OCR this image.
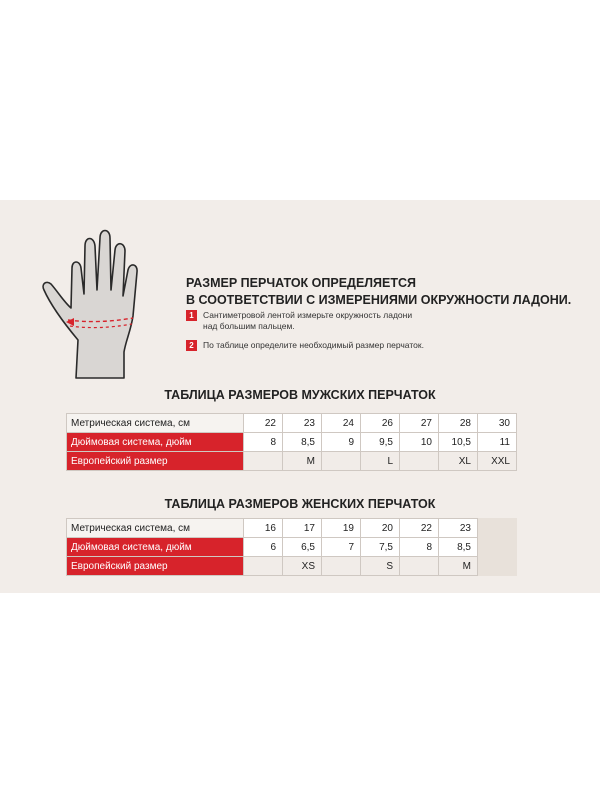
РАЗМЕР ПЕРЧАТОК ОПРЕДЕЛЯЕТСЯ
В СООТВЕТСТВИИ С ИЗМЕРЕНИЯМИ ОКРУЖНОСТИ ЛАДОНИ.
1 Сантиметровой лентой измерьте окружность ладони
над большим пальцем.
2 По таблице определите необходимый размер перчаток.
ТАБЛИЦА РАЗМЕРОВ МУЖСКИХ ПЕРЧАТОК
Метрическая система, см	22	23	24	26	27	28	30
Дюймовая система, дюйм	8	8,5	9	9,5	10	10,5	11
Европейский размер		M		L		XL	XXL
ТАБЛИЦА РАЗМЕРОВ ЖЕНСКИХ ПЕРЧАТОК
Метрическая система, см	16	17	19	20	22	23	
Дюймовая система, дюйм	6	6,5	7	7,5	8	8,5	
Европейский размер		XS		S		M	
